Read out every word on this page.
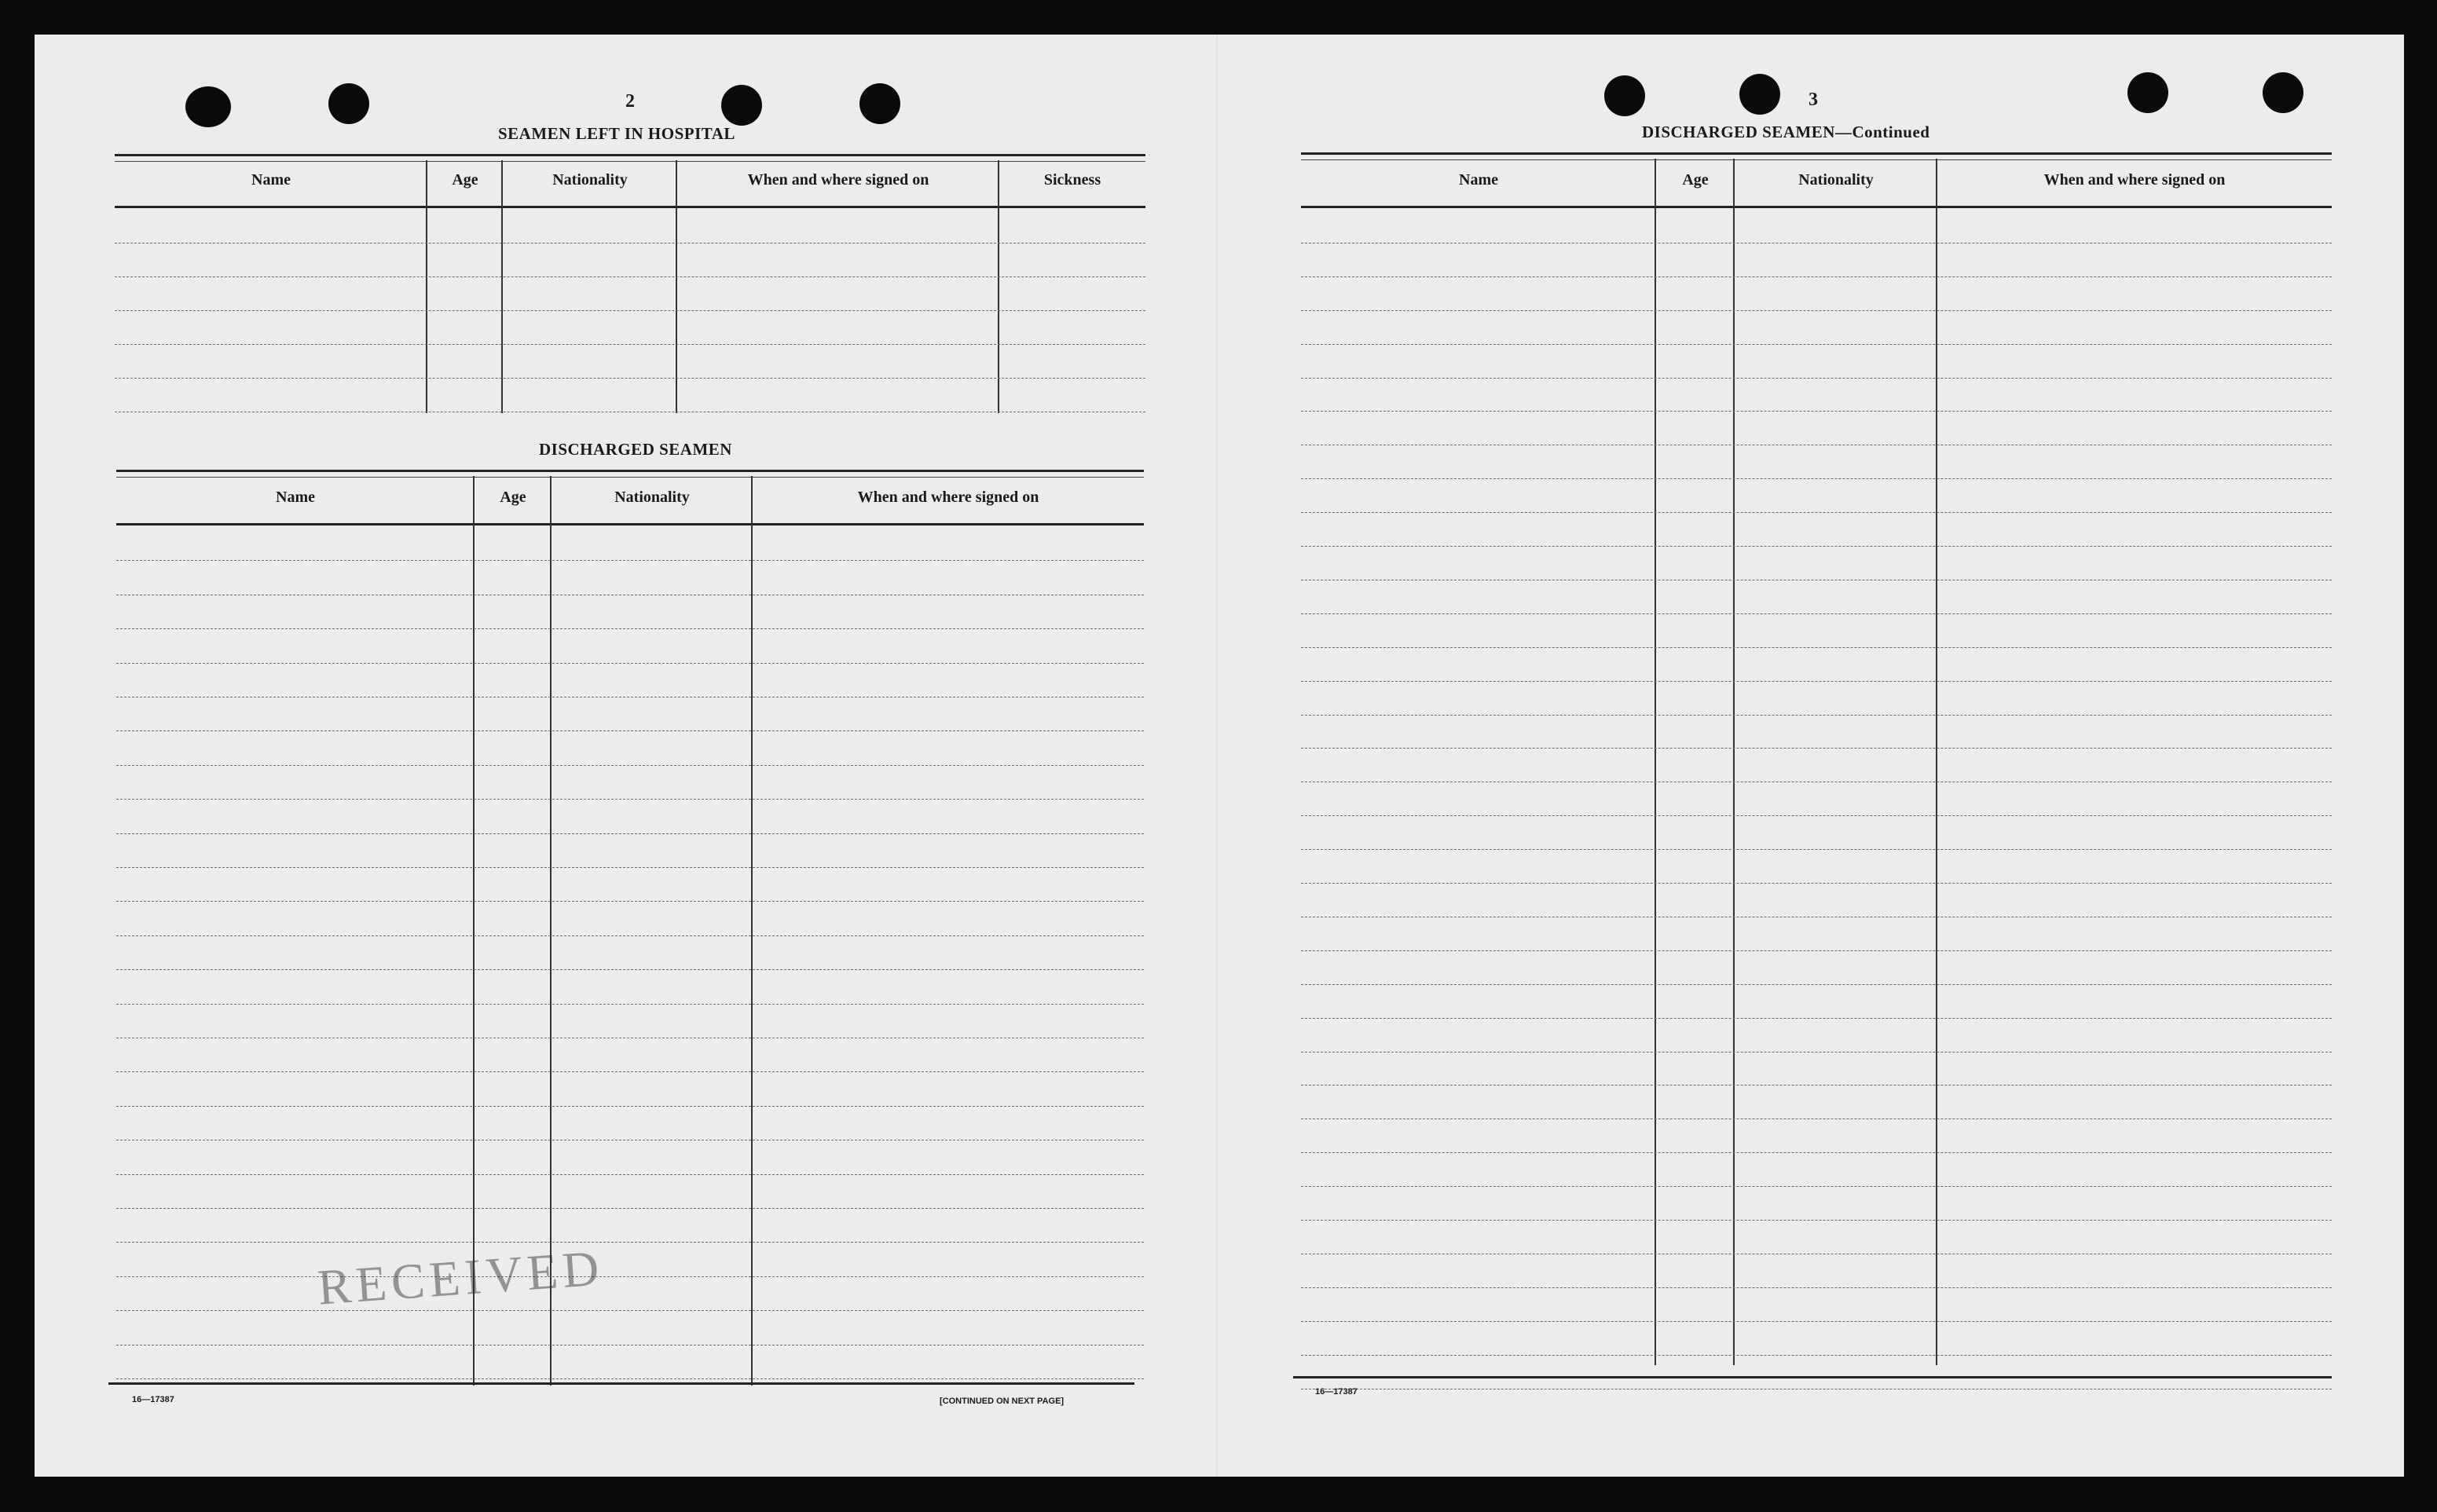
2
SEAMEN LEFT IN HOSPITAL
Name	Age	Nationality	When and where signed on	Sickness
DISCHARGED SEAMEN
Name	Age	Nationality	When and where signed on
16—17387	[CONTINUED ON NEXT PAGE]
RECEIVED
3
DISCHARGED SEAMEN—Continued
Name	Age	Nationality	When and where signed on
16—17387
